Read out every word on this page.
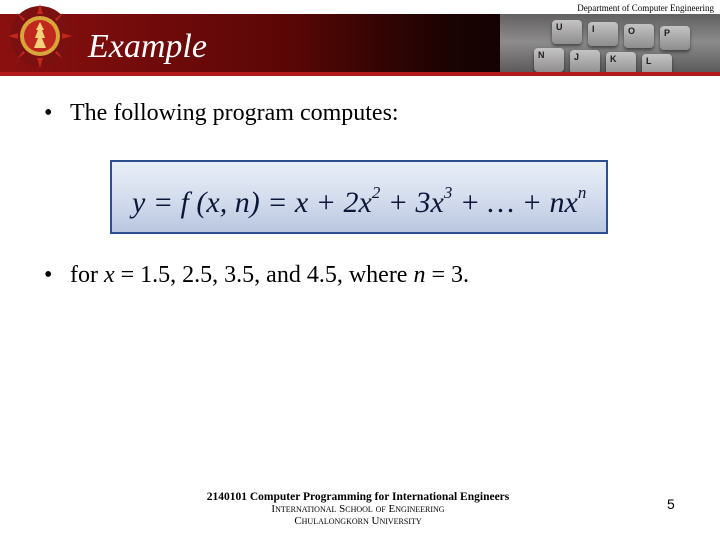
U	I	O	P
N	J	K	L
Department of Computer Engineering
Example
• The following program computes:
y = f (x, $n) = x + 2x^2 + 3x^3$ + … + $nx^n$
• for x = 1.5, 2.5, 3.5, and 4.5, where n = 3.
2140101 Computer Programming for International Engineers
International School of Engineering
Chulalongkorn University
5
